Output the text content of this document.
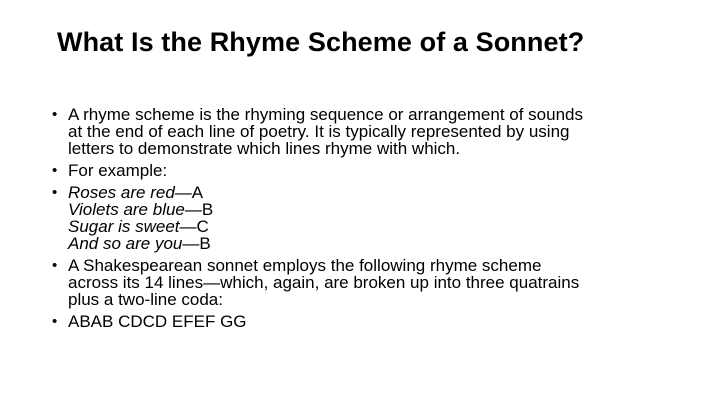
What Is the Rhyme Scheme of a Sonnet?
• A rhyme scheme is the rhyming sequence or arrangement of sounds
at the end of each line of poetry. It is typically represented by using
letters to demonstrate which lines rhyme with which.
• For example:
• Roses are red—A
Violets are blue—B
Sugar is sweet—C
And so are you—B
• A Shakespearean sonnet employs the following rhyme scheme
across its 14 lines—which, again, are broken up into three quatrains
plus a two-line coda:
• ABAB CDCD EFEF GG
